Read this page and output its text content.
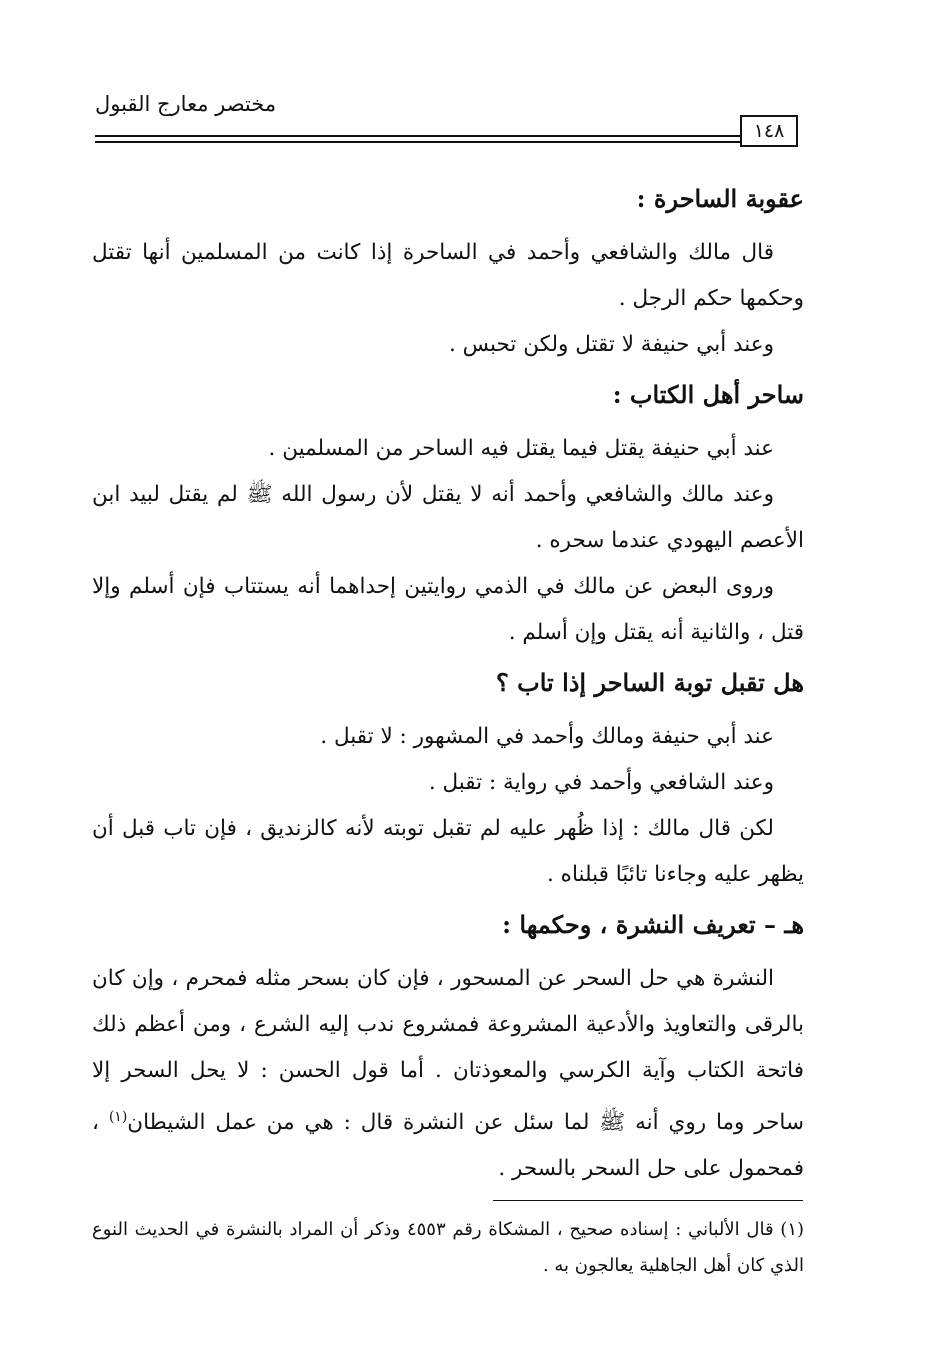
مختصر معارج القبول
١٤٨
عقوبة الساحرة :

قال مالك والشافعي وأحمد في الساحرة إذا كانت من المسلمين أنها تقتل وحكمها حكم الرجل .

وعند أبي حنيفة لا تقتل ولكن تحبس .

ساحر أهل الكتاب :

عند أبي حنيفة يقتل فيما يقتل فيه الساحر من المسلمين .

وعند مالك والشافعي وأحمد أنه لا يقتل لأن رسول الله ﷺ لم يقتل لبيد ابن الأعصم اليهودي عندما سحره .

وروى البعض عن مالك في الذمي روايتين إحداهما أنه يستتاب فإن أسلم وإلا قتل ، والثانية أنه يقتل وإن أسلم .

هل تقبل توبة الساحر إذا تاب ؟

عند أبي حنيفة ومالك وأحمد في المشهور : لا تقبل .

وعند الشافعي وأحمد في رواية : تقبل .

لكن قال مالك : إذا ظُهر عليه لم تقبل توبته لأنه كالزنديق ، فإن تاب قبل أن يظهر عليه وجاءنا تائبًا قبلناه .

هـ – تعريف النشرة ، وحكمها :

النشرة هي حل السحر عن المسحور ، فإن كان بسحر مثله فمحرم ، وإن كان بالرقى والتعاويذ والأدعية المشروعة فمشروع ندب إليه الشرع ، ومن أعظم ذلك فاتحة الكتاب وآية الكرسي والمعوذتان . أما قول الحسن : لا يحل السحر إلا ساحر وما روي أنه ﷺ لما سئل عن النشرة قال : هي من عمل الشيطان$^{(١)}$ ، فمحمول على حل السحر بالسحر .

(١) قال الألباني : إسناده صحيح ، المشكاة رقم ٤٥٥٣ وذكر أن المراد بالنشرة في الحديث النوع الذي كان أهل الجاهلية يعالجون به .
